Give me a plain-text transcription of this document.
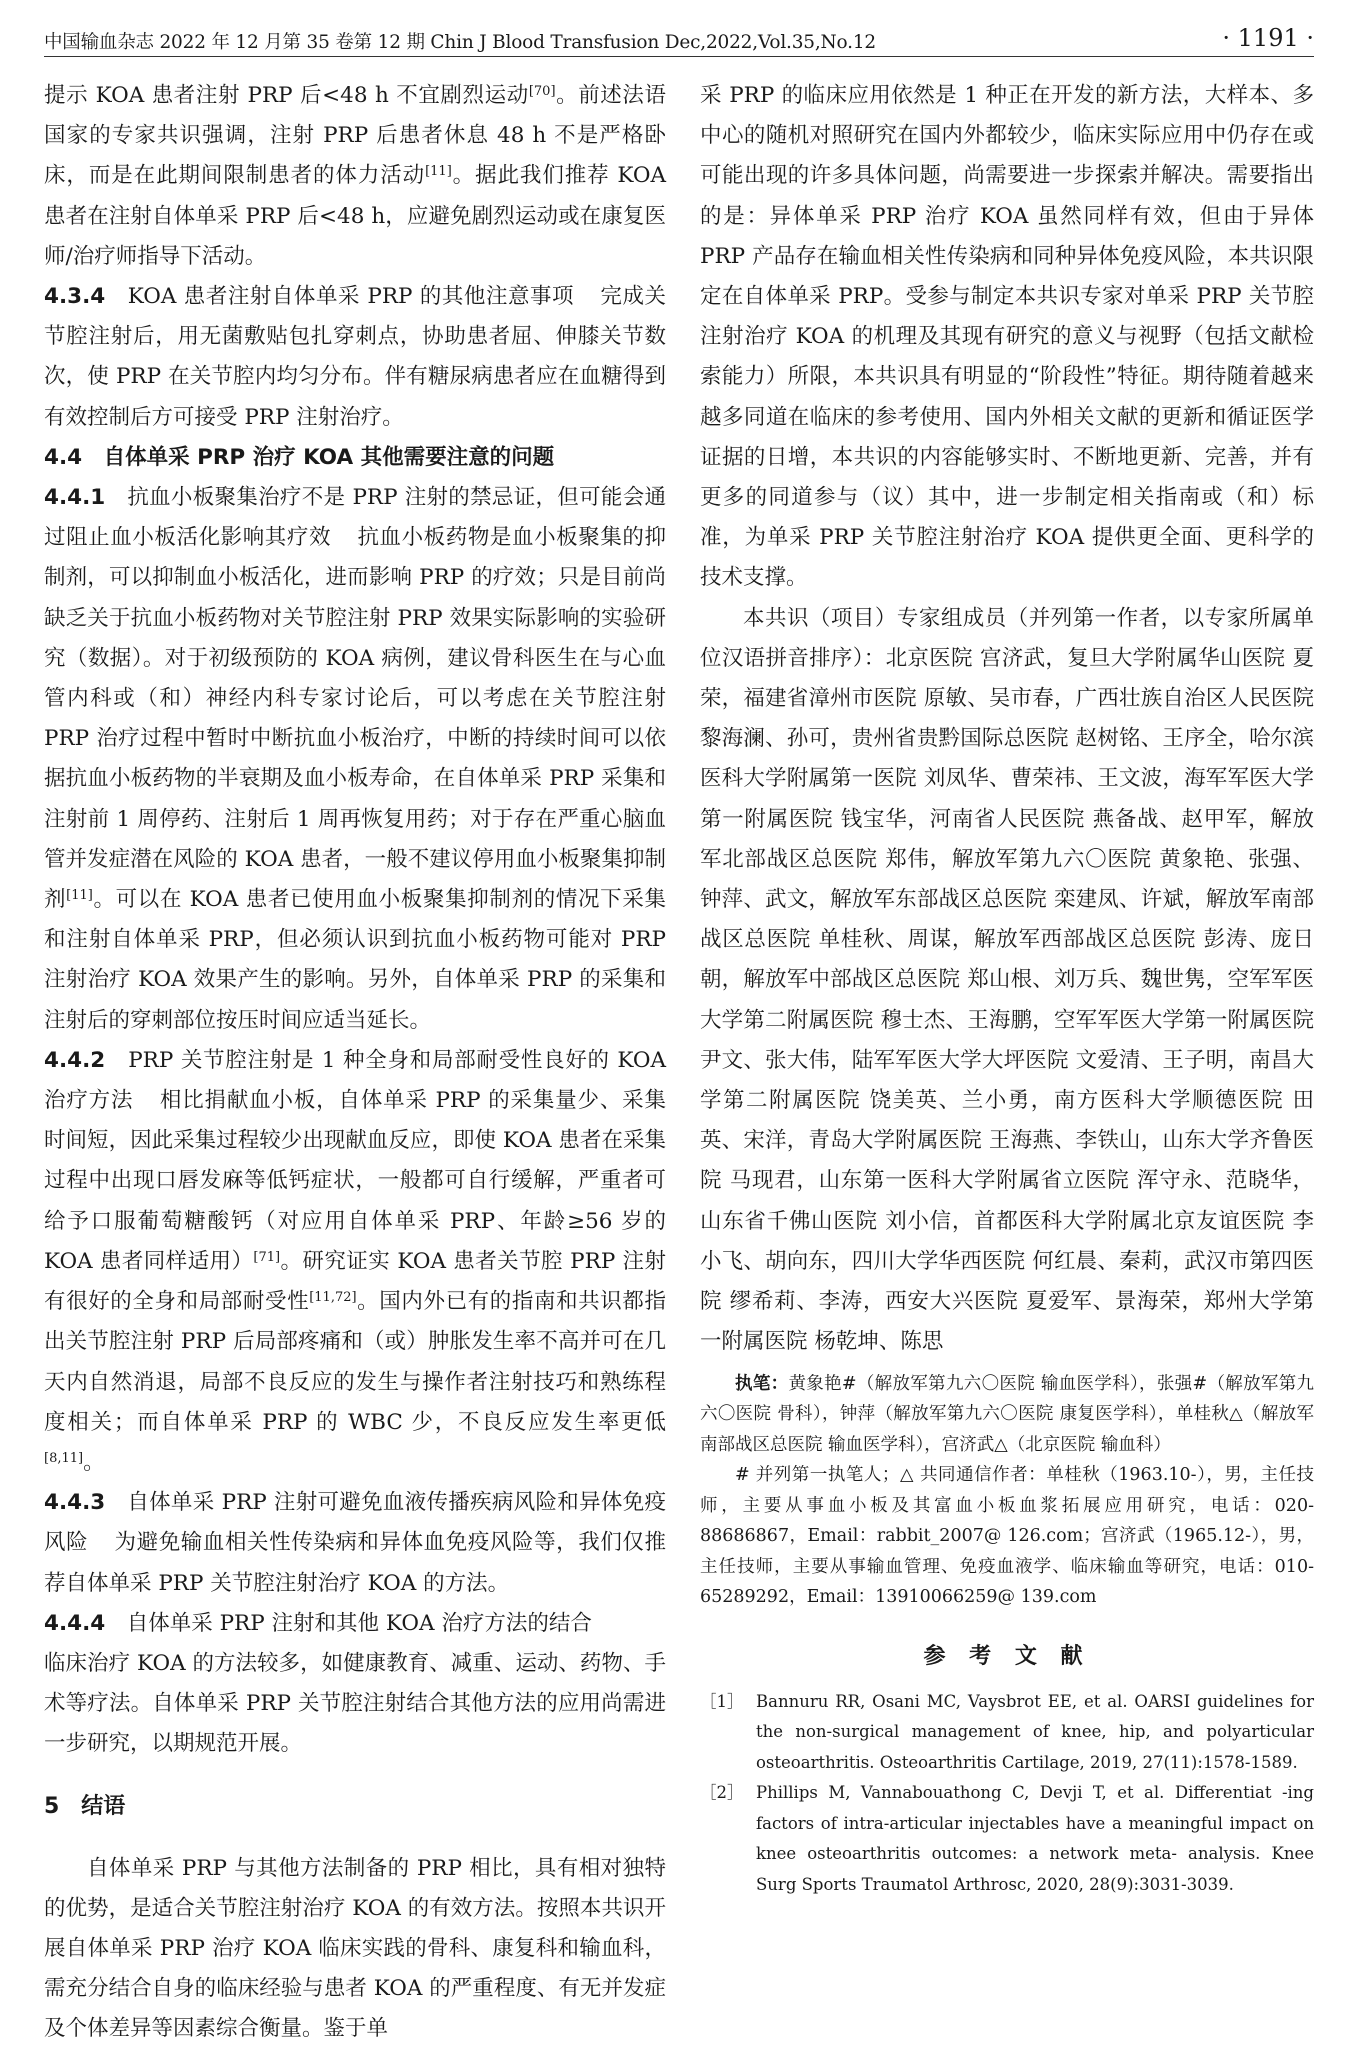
中国输血杂志 2022 年 12 月第 35 卷第 12 期 Chin J Blood Transfusion Dec,2022,Vol.35,No.12	· 1191 ·

提示 KOA 患者注射 PRP 后<48 h 不宜剧烈运动[70]。前述法语国家的专家共识强调，注射 PRP 后患者休息 48 h 不是严格卧床，而是在此期间限制患者的体力活动[11]。据此我们推荐 KOA 患者在注射自体单采 PRP 后<48 h，应避免剧烈运动或在康复医师/治疗师指导下活动。

4.3.4　 KOA 患者注射自体单采 PRP 的其他注意事项 完成关节腔注射后，用无菌敷贴包扎穿刺点，协助患者屈、伸膝关节数次，使 PRP 在关节腔内均匀分布。伴有糖尿病患者应在血糖得到有效控制后方可接受 PRP 注射治疗。

4.4　自体单采 PRP 治疗 KOA 其他需要注意的问题

4.4.1　 抗血小板聚集治疗不是 PRP 注射的禁忌证，但可能会通过阻止血小板活化影响其疗效 抗血小板药物是血小板聚集的抑制剂，可以抑制血小板活化，进而影响 PRP 的疗效；只是目前尚缺乏关于抗血小板药物对关节腔注射 PRP 效果实际影响的实验研究（数据）。对于初级预防的 KOA 病例，建议骨科医生在与心血管内科或（和）神经内科专家讨论后，可以考虑在关节腔注射 PRP 治疗过程中暂时中断抗血小板治疗，中断的持续时间可以依据抗血小板药物的半衰期及血小板寿命，在自体单采 PRP 采集和注射前 1 周停药、注射后 1 周再恢复用药；对于存在严重心脑血管并发症潜在风险的 KOA 患者，一般不建议停用血小板聚集抑制剂[11]。可以在 KOA 患者已使用血小板聚集抑制剂的情况下采集和注射自体单采 PRP，但必须认识到抗血小板药物可能对 PRP 注射治疗 KOA 效果产生的影响。另外，自体单采 PRP 的采集和注射后的穿刺部位按压时间应适当延长。

4.4.2　 PRP 关节腔注射是 1 种全身和局部耐受性良好的 KOA 治疗方法 相比捐献血小板，自体单采 PRP 的采集量少、采集时间短，因此采集过程较少出现献血反应，即使 KOA 患者在采集过程中出现口唇发麻等低钙症状，一般都可自行缓解，严重者可给予口服葡萄糖酸钙（对应用自体单采 PRP、年龄≥56 岁的 KOA 患者同样适用）[71]。研究证实 KOA 患者关节腔 PRP 注射有很好的全身和局部耐受性[11,72]。国内外已有的指南和共识都指出关节腔注射 PRP 后局部疼痛和（或）肿胀发生率不高并可在几天内自然消退，局部不良反应的发生与操作者注射技巧和熟练程度相关；而自体单采 PRP 的 WBC 少，不良反应发生率更低[8,11]。

4.4.3　 自体单采 PRP 注射可避免血液传播疾病风险和异体免疫风险 为避免输血相关性传染病和异体血免疫风险等，我们仅推荐自体单采 PRP 关节腔注射治疗 KOA 的方法。

4.4.4　 自体单采 PRP 注射和其他 KOA 治疗方法的结合

临床治疗 KOA 的方法较多，如健康教育、减重、运动、药物、手术等疗法。自体单采 PRP 关节腔注射结合其他方法的应用尚需进一步研究，以期规范开展。

5　结语

自体单采 PRP 与其他方法制备的 PRP 相比，具有相对独特的优势，是适合关节腔注射治疗 KOA 的有效方法。按照本共识开展自体单采 PRP 治疗 KOA 临床实践的骨科、康复科和输血科，需充分结合自身的临床经验与患者 KOA 的严重程度、有无并发症及个体差异等因素综合衡量。鉴于单

采 PRP 的临床应用依然是 1 种正在开发的新方法，大样本、多中心的随机对照研究在国内外都较少，临床实际应用中仍存在或可能出现的许多具体问题，尚需要进一步探索并解决。需要指出的是：异体单采 PRP 治疗 KOA 虽然同样有效，但由于异体 PRP 产品存在输血相关性传染病和同种异体免疫风险，本共识限定在自体单采 PRP。受参与制定本共识专家对单采 PRP 关节腔注射治疗 KOA 的机理及其现有研究的意义与视野（包括文献检索能力）所限，本共识具有明显的“阶段性”特征。期待随着越来越多同道在临床的参考使用、国内外相关文献的更新和循证医学证据的日增，本共识的内容能够实时、不断地更新、完善，并有更多的同道参与（议）其中，进一步制定相关指南或（和）标准，为单采 PRP 关节腔注射治疗 KOA 提供更全面、更科学的技术支撑。

本共识（项目）专家组成员（并列第一作者，以专家所属单位汉语拼音排序）：北京医院 宫济武，复旦大学附属华山医院 夏荣，福建省漳州市医院 原敏、吴市春，广西壮族自治区人民医院 黎海澜、孙可，贵州省贵黔国际总医院 赵树铭、王序全，哈尔滨医科大学附属第一医院 刘凤华、曹荣祎、王文波，海军军医大学第一附属医院 钱宝华，河南省人民医院 燕备战、赵甲军，解放军北部战区总医院 郑伟，解放军第九六〇医院 黄象艳、张强、钟萍、武文，解放军东部战区总医院 栾建凤、许斌，解放军南部战区总医院 单桂秋、周谋，解放军西部战区总医院 彭涛、庞日朝，解放军中部战区总医院 郑山根、刘万兵、魏世隽，空军军医大学第二附属医院 穆士杰、王海鹏，空军军医大学第一附属医院 尹文、张大伟，陆军军医大学大坪医院 文爱清、王子明，南昌大学第二附属医院 饶美英、兰小勇，南方医科大学顺德医院 田英、宋洋，青岛大学附属医院 王海燕、李铁山，山东大学齐鲁医院 马现君，山东第一医科大学附属省立医院 浑守永、范晓华，山东省千佛山医院 刘小信，首都医科大学附属北京友谊医院 李小飞、胡向东，四川大学华西医院 何红晨、秦莉，武汉市第四医院 缪希莉、李涛，西安大兴医院 夏爱军、景海荣，郑州大学第一附属医院 杨乾坤、陈思

执笔：黄象艳#（解放军第九六〇医院 输血医学科），张强#（解放军第九六〇医院 骨科），钟萍（解放军第九六〇医院 康复医学科），单桂秋△（解放军南部战区总医院 输血医学科），宫济武△（北京医院 输血科）

# 并列第一执笔人；△ 共同通信作者：单桂秋（1963.10-），男，主任技师，主要从事血小板及其富血小板血浆拓展应用研究，电话：020-88686867，Email：rabbit_2007@ 126.com；宫济武（1965.12-），男，主任技师，主要从事输血管理、免疫血液学、临床输血等研究，电话：010-65289292，Email：13910066259@ 139.com

参 考 文 献

［1］ Bannuru RR, Osani MC, Vaysbrot EE, et al. OARSI guidelines for the non-surgical management of knee, hip, and polyarticular osteoarthritis. Osteoarthritis Cartilage, 2019, 27(11):1578-1589.
［2］ Phillips M, Vannabouathong C, Devji T, et al. Differentiat -ing factors of intra-articular injectables have a meaningful impact on knee osteoarthritis outcomes: a network meta- analysis. Knee Surg Sports Traumatol Arthrosc, 2020, 28(9):3031-3039.
